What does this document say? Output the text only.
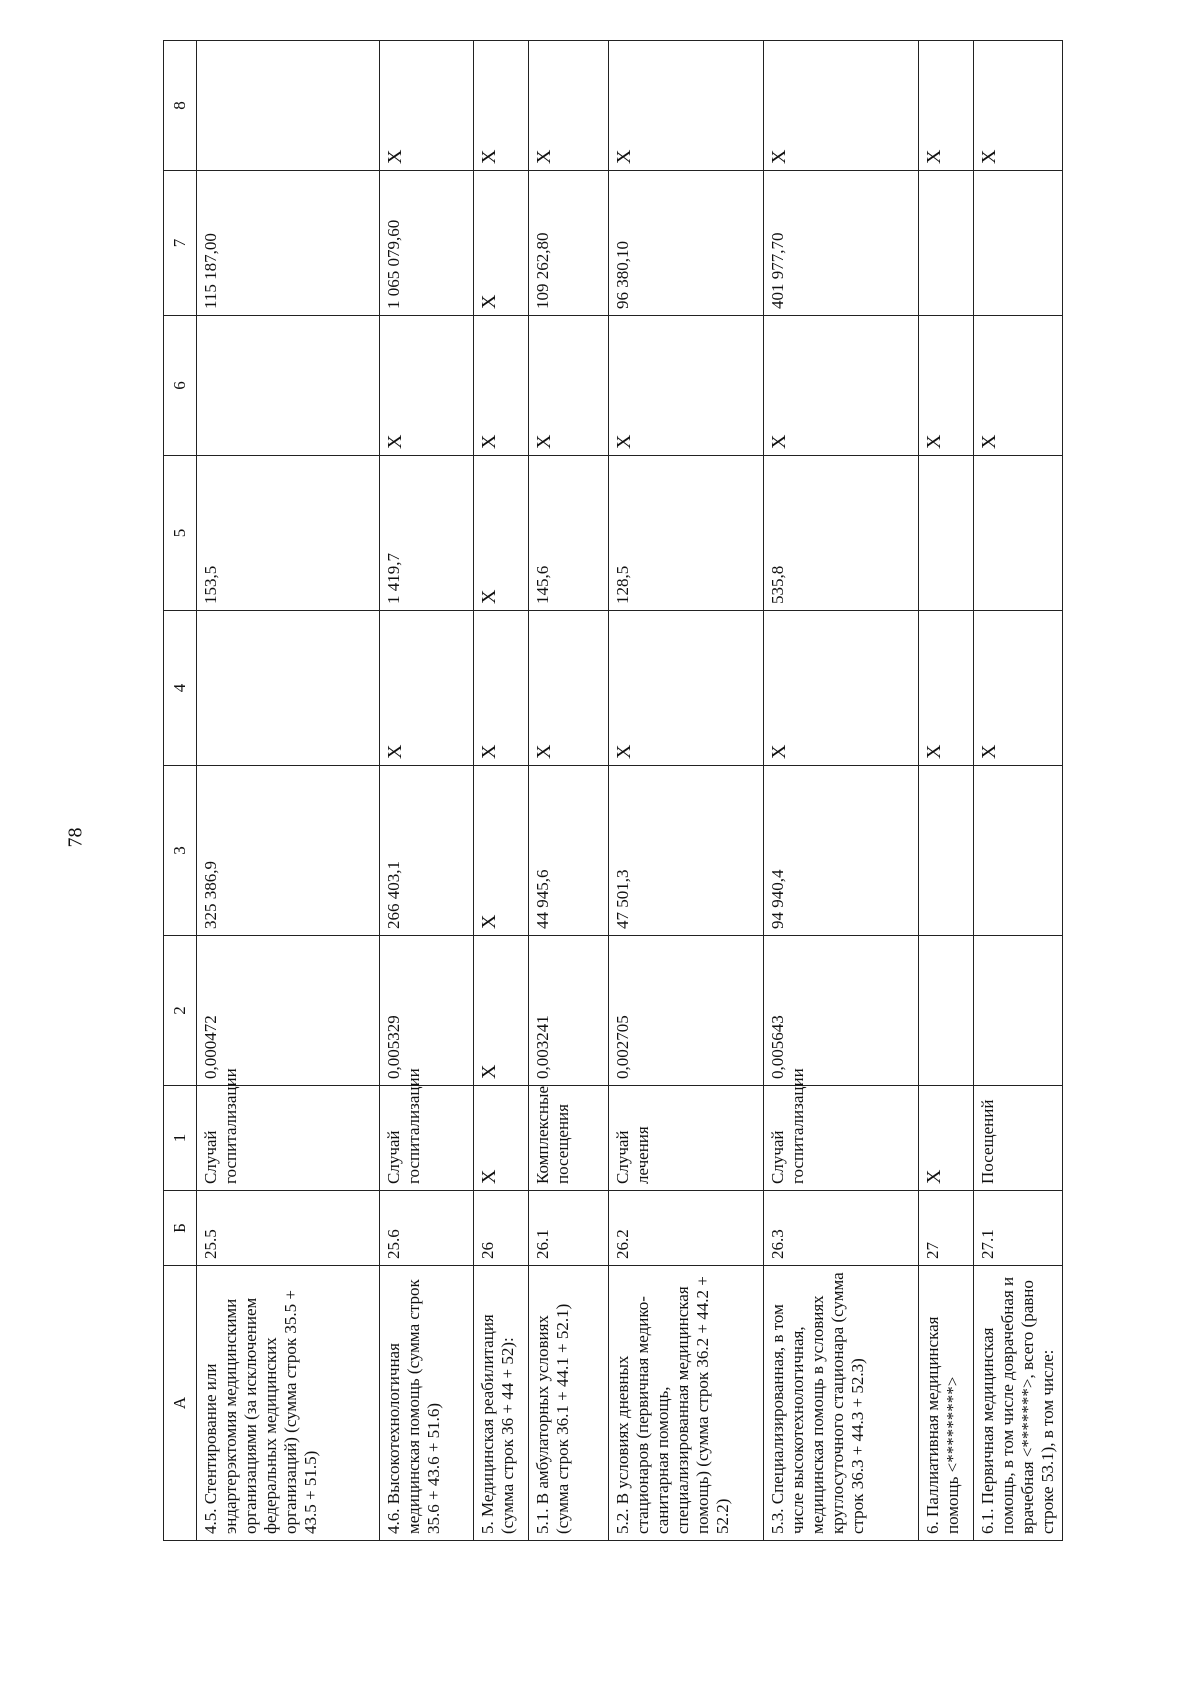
78
А	Б	1	2	3	4	5	6	7	8
4.5. Стентирование или эндартерэктомия медицинскими организациями (за исключением федеральных медицинских организаций) (сумма строк 35.5 + 43.5 + 51.5)	25.5	Случай госпитализации	0,000472	325 386,9		153,5		115 187,00	
4.6. Высокотехнологичная медицинская помощь (сумма строк 35.6 + 43.6 + 51.6)	25.6	Случай госпитализации	0,005329	266 403,1	X	1 419,7	X	1 065 079,60	X
5. Медицинская реабилитация (сумма строк 36 + 44 + 52):	26	X	X	X	X	X	X	X	X
5.1. В амбулаторных условиях (сумма строк 36.1 + 44.1 + 52.1)	26.1	Комплексные посещения	0,003241	44 945,6	X	145,6	X	109 262,80	X
5.2. В условиях дневных стационаров (первичная медико-санитарная помощь, специализированная медицинская помощь) (сумма строк 36.2 + 44.2 + 52.2)	26.2	Случай лечения	0,002705	47 501,3	X	128,5	X	96 380,10	X
5.3. Специализированная, в том числе высокотехнологичная, медицинская помощь в условиях круглосуточного стационара (сумма строк 36.3 + 44.3 + 52.3)	26.3	Случай госпитализации	0,005643	94 940,4	X	535,8	X	401 977,70	X
6. Паллиативная медицинская помощь <*********>	27	X			X		X		X
6.1. Первичная медицинская помощь, в том числе доврачебная и врачебная <*******>, всего (равно строке 53.1), в том числе:	27.1	Посещений			X		X		X
